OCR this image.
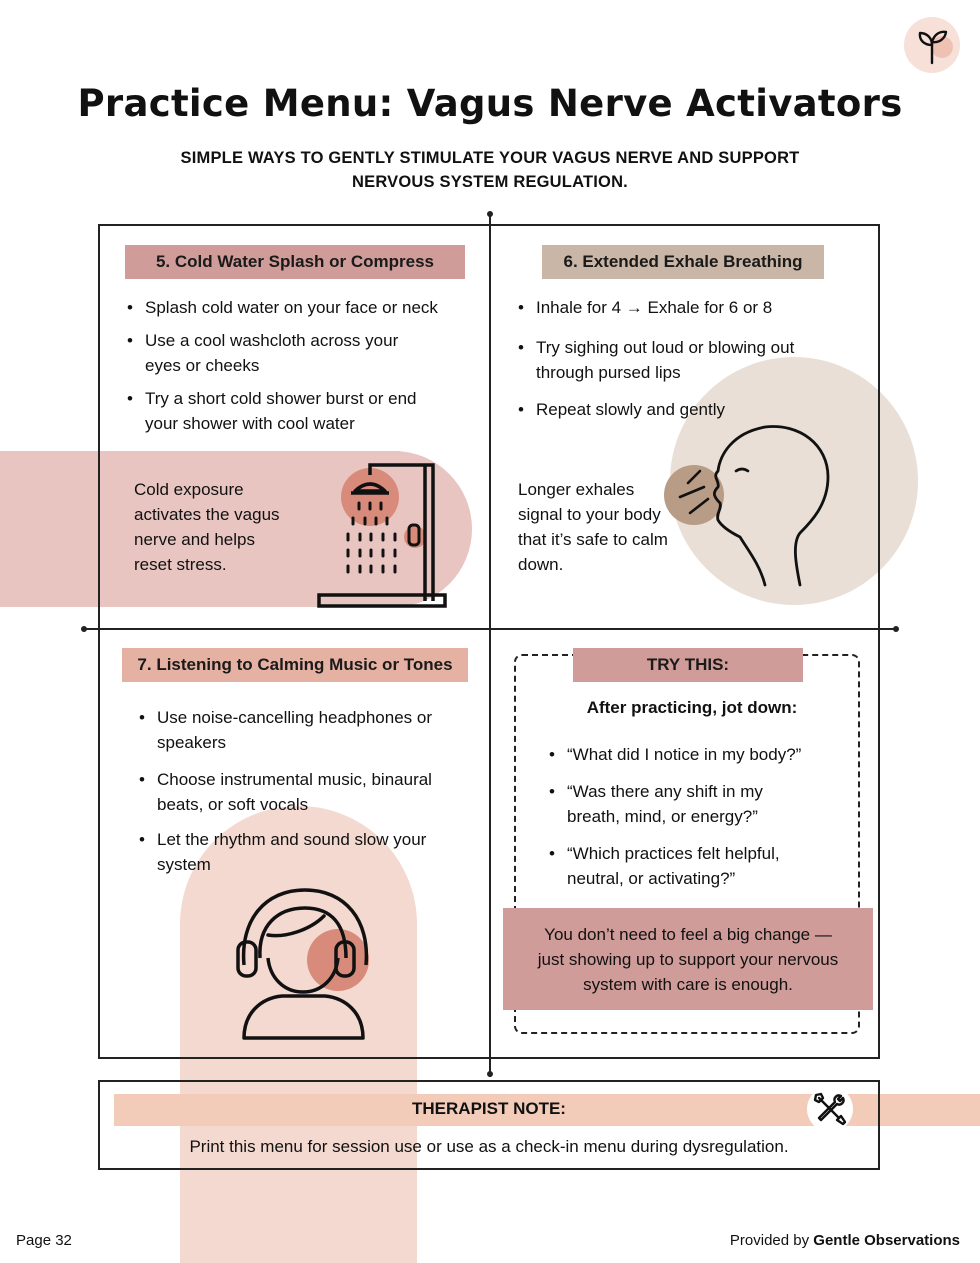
Practice Menu: Vagus Nerve Activators
SIMPLE WAYS TO GENTLY STIMULATE YOUR VAGUS NERVE AND SUPPORT NERVOUS SYSTEM REGULATION.
5. Cold Water Splash or Compress
• Splash cold water on your face or neck
• Use a cool washcloth across your eyes or cheeks
• Try a short cold shower burst or end your shower with cool water
Cold exposure activates the vagus nerve and helps reset stress.
6. Extended Exhale Breathing
• Inhale for 4 → Exhale for 6 or 8
• Try sighing out loud or blowing out through pursed lips
• Repeat slowly and gently
Longer exhales signal to your body that it’s safe to calm down.
7. Listening to Calming Music or Tones
• Use noise-cancelling headphones or speakers
• Choose instrumental music, binaural beats, or soft vocals
• Let the rhythm and sound slow your system
TRY THIS:
After practicing, jot down:
• “What did I notice in my body?”
• “Was there any shift in my breath, mind, or energy?”
• “Which practices felt helpful, neutral, or activating?”
You don’t need to feel a big change — just showing up to support your nervous system with care is enough.
THERAPIST NOTE:
Print this menu for session use or use as a check-in menu during dysregulation.
Page 32	Provided by Gentle Observations
